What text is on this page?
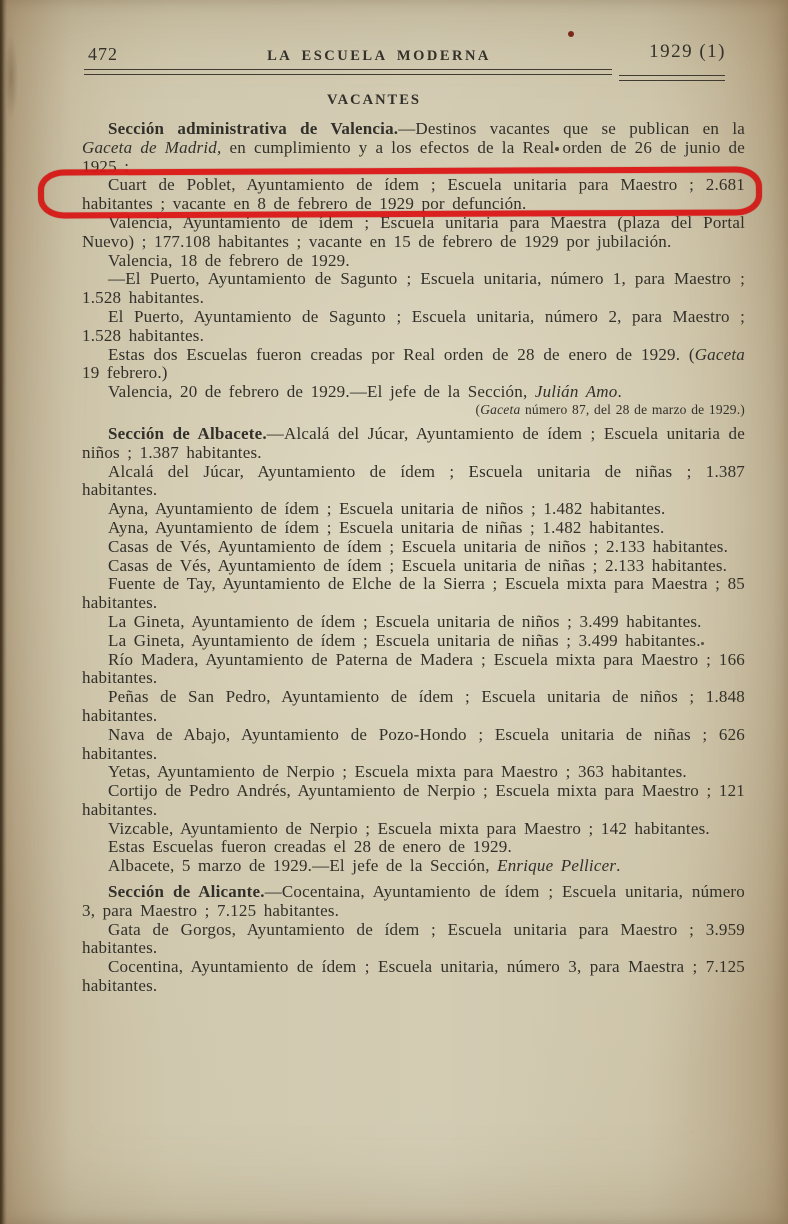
472	LA ESCUELA MODERNA	1929 (1)
VACANTES

Sección administrativa de Valencia.—Destinos vacantes que se publican en la Gaceta de Madrid, en cumplimiento y a los efectos de la Real orden de 26 de junio de 1925 :

Cuart de Poblet, Ayuntamiento de ídem ; Escuela unitaria para Maestro ; 2.681 habitantes ; vacante en 8 de febrero de 1929 por defunción.

Valencia, Ayuntamiento de ídem ; Escuela unitaria para Maestra (plaza del Portal Nuevo) ; 177.108 habitantes ; vacante en 15 de febrero de 1929 por jubilación.

Valencia, 18 de febrero de 1929.

—El Puerto, Ayuntamiento de Sagunto ; Escuela unitaria, número 1, para Maestro ; 1.528 habitantes.

El Puerto, Ayuntamiento de Sagunto ; Escuela unitaria, número 2, para Maestro ; 1.528 habitantes.

Estas dos Escuelas fueron creadas por Real orden de 28 de enero de 1929. (Gaceta 19 febrero.)

Valencia, 20 de febrero de 1929.—El jefe de la Sección, Julián Amo.

(Gaceta número 87, del 28 de marzo de 1929.)

Sección de Albacete.—Alcalá del Júcar, Ayuntamiento de ídem ; Escuela unitaria de niños ; 1.387 habitantes.

Alcalá del Júcar, Ayuntamiento de ídem ; Escuela unitaria de niñas ; 1.387 habitantes.

Ayna, Ayuntamiento de ídem ; Escuela unitaria de niños ; 1.482 habitantes.

Ayna, Ayuntamiento de ídem ; Escuela unitaria de niñas ; 1.482 habitantes.

Casas de Vés, Ayuntamiento de ídem ; Escuela unitaria de niños ; 2.133 habitantes.

Casas de Vés, Ayuntamiento de ídem ; Escuela unitaria de niñas ; 2.133 habitantes.

Fuente de Tay, Ayuntamiento de Elche de la Sierra ; Escuela mixta para Maestra ; 85 habitantes.

La Gineta, Ayuntamiento de ídem ; Escuela unitaria de niños ; 3.499 habitantes.

La Gineta, Ayuntamiento de ídem ; Escuela unitaria de niñas ; 3.499 habitantes.

Río Madera, Ayuntamiento de Paterna de Madera ; Escuela mixta para Maestro ; 166 habitantes.

Peñas de San Pedro, Ayuntamiento de ídem ; Escuela unitaria de niños ; 1.848 habitantes.

Nava de Abajo, Ayuntamiento de Pozo-Hondo ; Escuela unitaria de niñas ; 626 habitantes.

Yetas, Ayuntamiento de Nerpio ; Escuela mixta para Maestro ; 363 habitantes.

Cortijo de Pedro Andrés, Ayuntamiento de Nerpio ; Escuela mixta para Maestro ; 121 habitantes.

Vizcable, Ayuntamiento de Nerpio ; Escuela mixta para Maestro ; 142 habitantes.

Estas Escuelas fueron creadas el 28 de enero de 1929.

Albacete, 5 marzo de 1929.—El jefe de la Sección, Enrique Pellicer.

Sección de Alicante.—Cocentaina, Ayuntamiento de ídem ; Escuela unitaria, número 3, para Maestro ; 7.125 habitantes.

Gata de Gorgos, Ayuntamiento de ídem ; Escuela unitaria para Maestro ; 3.959 habitantes.

Cocentina, Ayuntamiento de ídem ; Escuela unitaria, número 3, para Maestra ; 7.125 habitantes.
